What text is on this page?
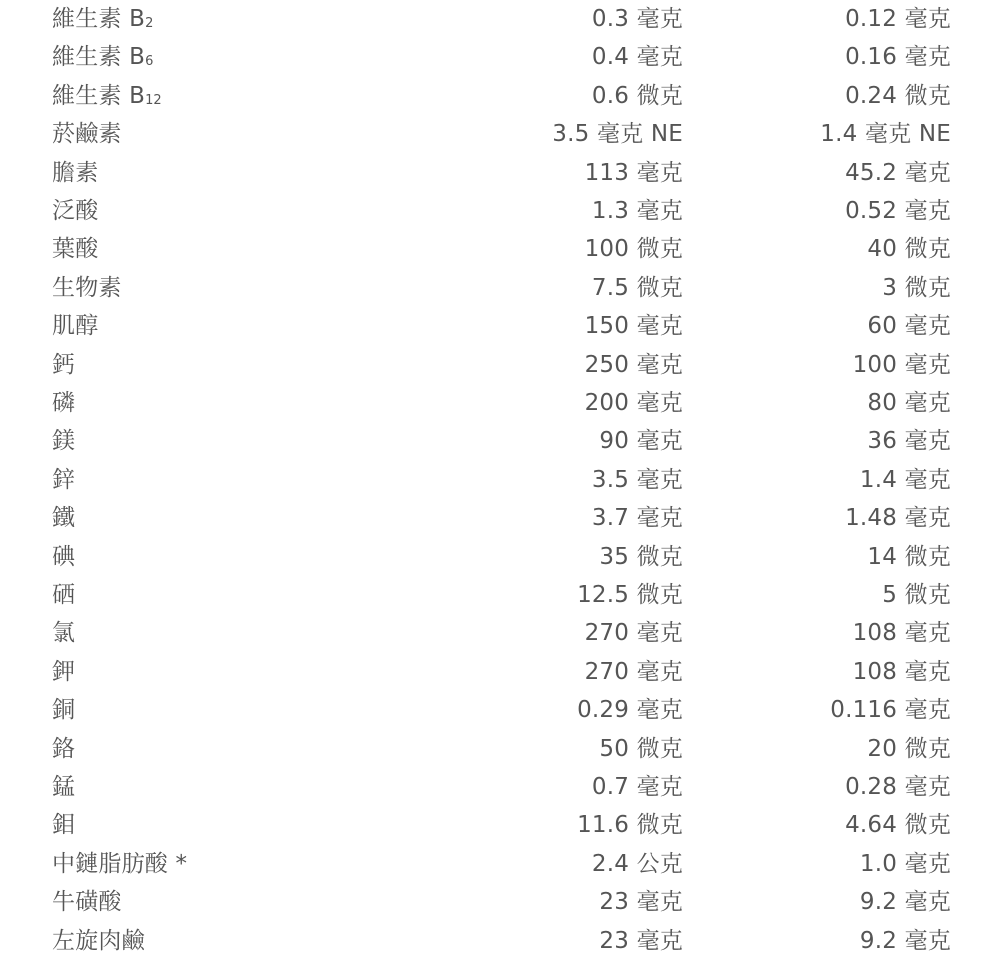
維生素 B2	0.3 毫克	0.12 毫克
維生素 B6	0.4 毫克	0.16 毫克
維生素 B12	0.6 微克	0.24 微克
菸鹼素	3.5 毫克 NE	1.4 毫克 NE
膽素	113 毫克	45.2 毫克
泛酸	1.3 毫克	0.52 毫克
葉酸	100 微克	40 微克
生物素	7.5 微克	3 微克
肌醇	150 毫克	60 毫克
鈣	250 毫克	100 毫克
磷	200 毫克	80 毫克
鎂	90 毫克	36 毫克
鋅	3.5 毫克	1.4 毫克
鐵	3.7 毫克	1.48 毫克
碘	35 微克	14 微克
硒	12.5 微克	5 微克
氯	270 毫克	108 毫克
鉀	270 毫克	108 毫克
銅	0.29 毫克	0.116 毫克
鉻	50 微克	20 微克
錳	0.7 毫克	0.28 毫克
鉬	11.6 微克	4.64 微克
中鏈脂肪酸 *	2.4 公克	1.0 毫克
牛磺酸	23 毫克	9.2 毫克
左旋肉鹼	23 毫克	9.2 毫克
